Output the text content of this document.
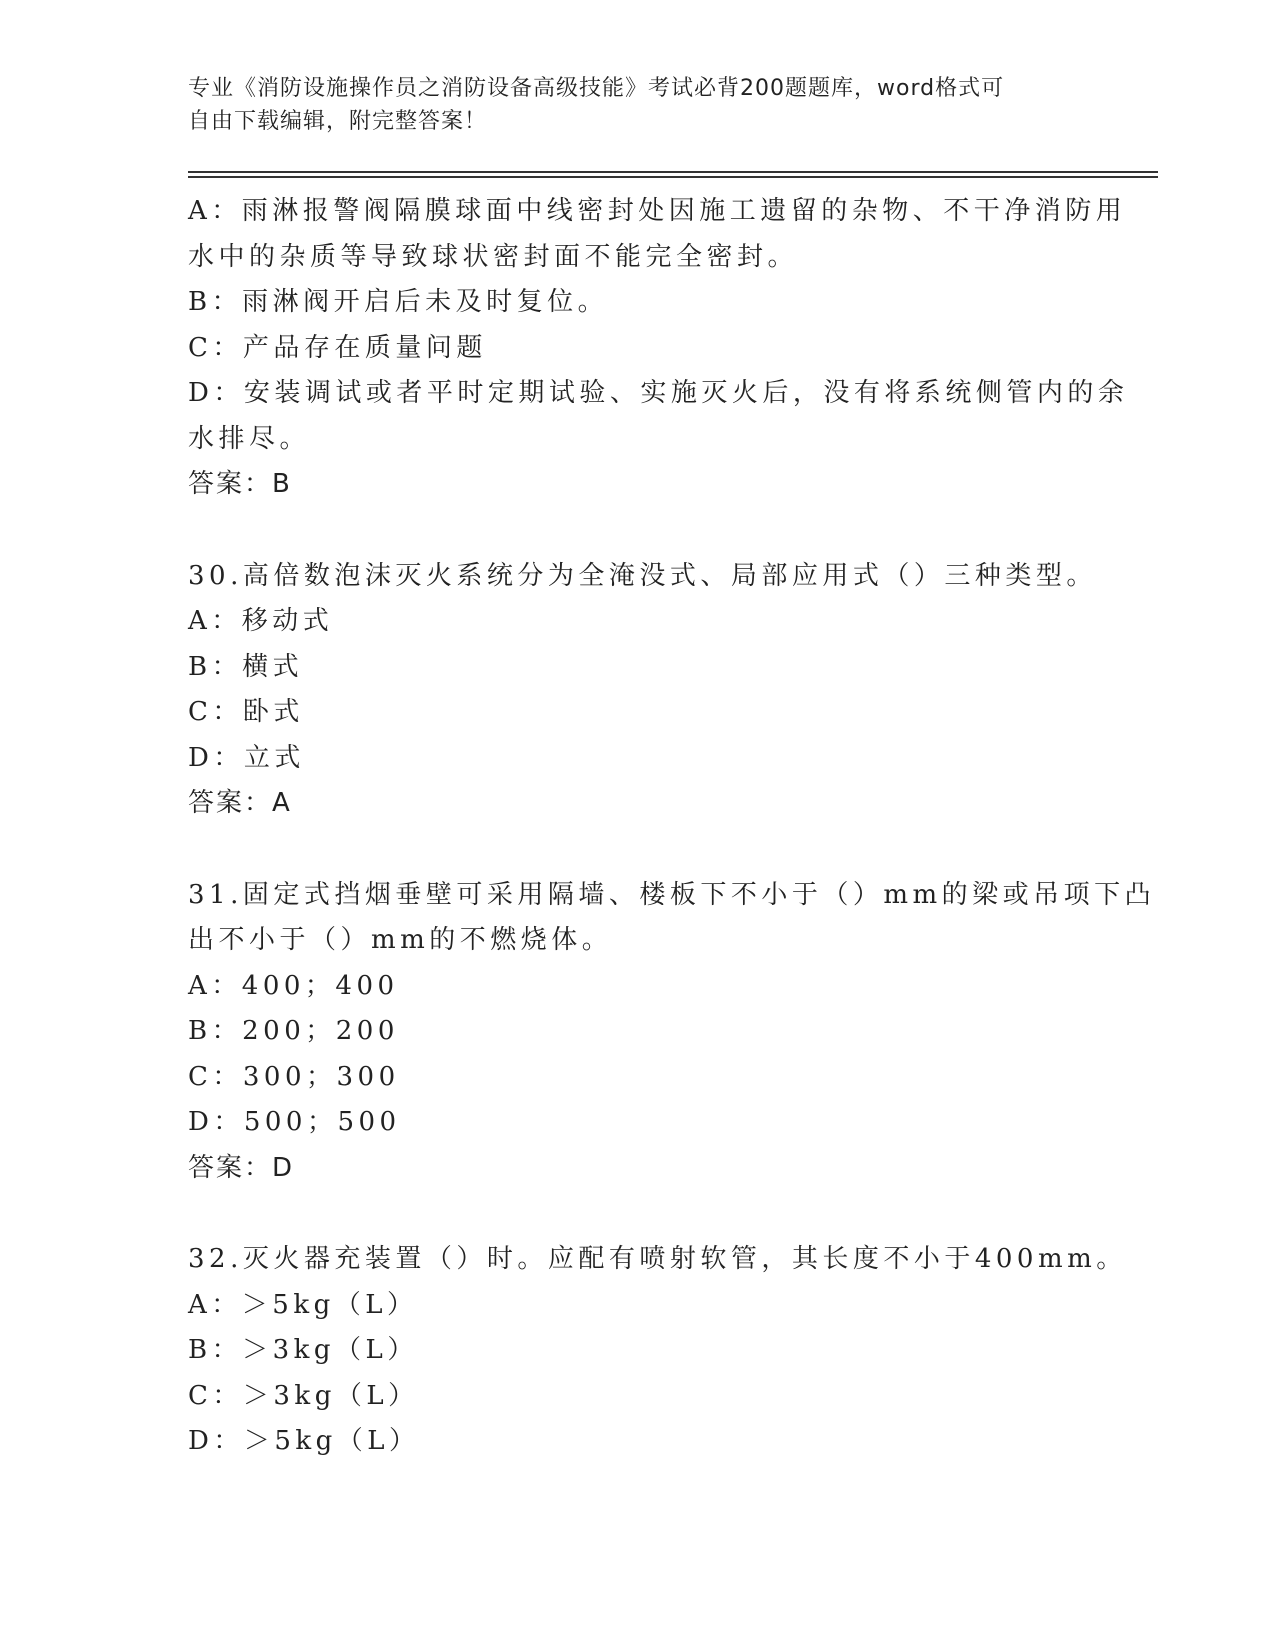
专业《消防设施操作员之消防设备高级技能》考试必背200题题库，word格式可
自由下载编辑，附完整答案！
A：雨淋报警阀隔膜球面中线密封处因施工遗留的杂物、不干净消防用
水中的杂质等导致球状密封面不能完全密封。
B：雨淋阀开启后未及时复位。
C：产品存在质量问题
D：安装调试或者平时定期试验、实施灭火后，没有将系统侧管内的余
水排尽。
答案：B
30.高倍数泡沫灭火系统分为全淹没式、局部应用式（）三种类型。
A：移动式
B：横式
C：卧式
D：立式
答案：A
31.固定式挡烟垂壁可采用隔墙、楼板下不小于（）mm的梁或吊项下凸
出不小于（）mm的不燃烧体。
A：400；400
B：200；200
C：300；300
D：500；500
答案：D
32.灭火器充装置（）时。应配有喷射软管，其长度不小于400mm。
A：＞5kg（L）
B：＞3kg（L）
C：＞3kg（L）
D：＞5kg（L）
